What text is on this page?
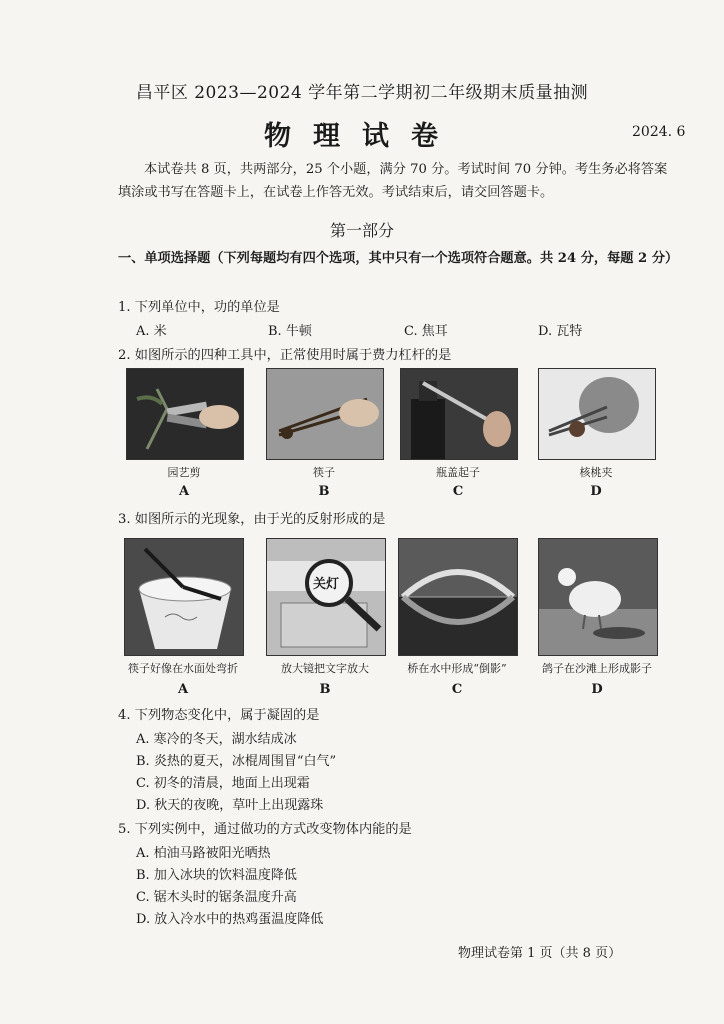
昌平区 2023—2024 学年第二学期初二年级期末质量抽测
物理试卷	2024. 6
本试卷共 8 页，共两部分，25 个小题，满分 70 分。考试时间 70 分钟。考生务必将答案填涂或书写在答题卡上，在试卷上作答无效。考试结束后，请交回答题卡。
第一部分
一、单项选择题（下列每题均有四个选项，其中只有一个选项符合题意。共 24 分，每题 2 分）
1. 下列单位中，功的单位是
A. 米	B. 牛顿	C. 焦耳	D. 瓦特
2. 如图所示的四种工具中，正常使用时属于费力杠杆的是
园艺剪	筷子	瓶盖起子	核桃夹
A	B	C	D
3. 如图所示的光现象，由于光的反射形成的是
关灯
筷子好像在水面处弯折	放大镜把文字放大	桥在水中形成“倒影”	鸽子在沙滩上形成影子
A	B	C	D
4. 下列物态变化中，属于凝固的是
A. 寒冷的冬天，湖水结成冰
B. 炎热的夏天，冰棍周围冒“白气”
C. 初冬的清晨，地面上出现霜
D. 秋天的夜晚，草叶上出现露珠
5. 下列实例中，通过做功的方式改变物体内能的是
A. 柏油马路被阳光晒热
B. 加入冰块的饮料温度降低
C. 锯木头时的锯条温度升高
D. 放入冷水中的热鸡蛋温度降低
物理试卷第 1 页（共 8 页）
